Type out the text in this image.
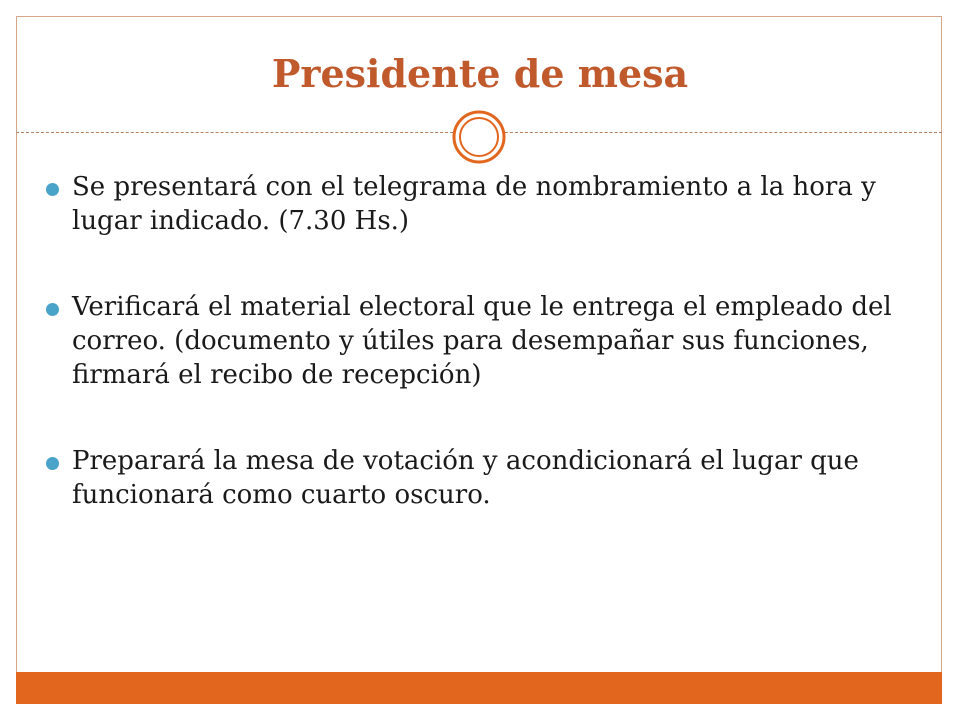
Presidente de mesa
Se presentará con el telegrama de nombramiento a la hora y lugar indicado. (7.30 Hs.)
Verificará el material electoral que le entrega el empleado del correo. (documento y útiles para desempañar sus funciones, firmará el recibo de recepción)
Preparará la mesa de votación y acondicionará el lugar que funcionará como cuarto oscuro.
